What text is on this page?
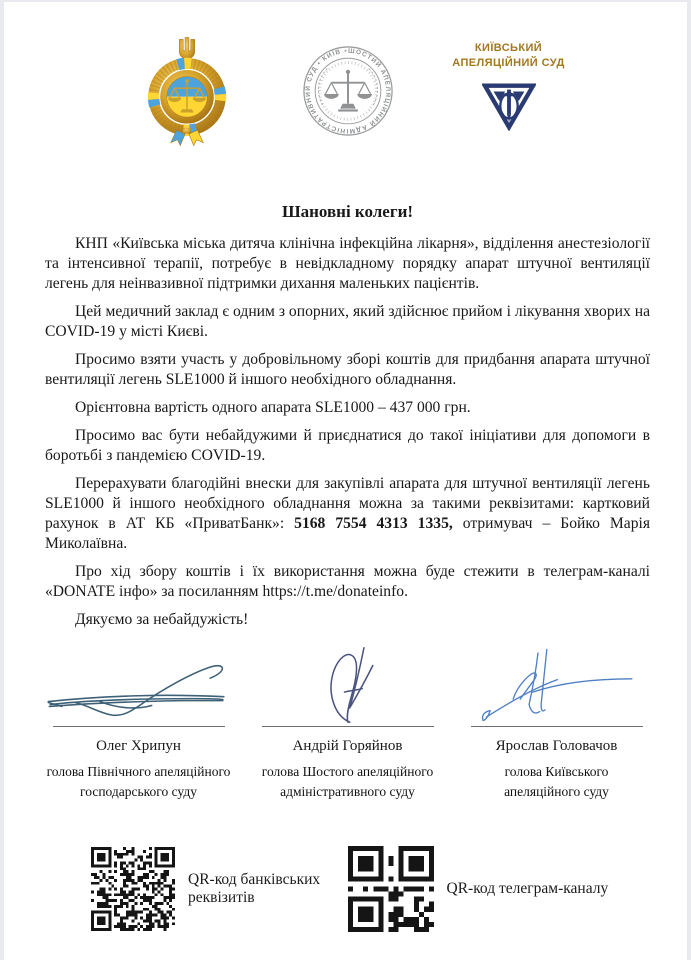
ШОСТИЙ АПЕЛЯЦІЙНИЙ АДМІНІСТРАТИВНИЙ СУД • КИЇВ •	КИЇВСЬКИЙ
АПЕЛЯЦІЙНИЙ СУД
Шановні колеги!

КНП «Київська міська дитяча клінічна інфекційна лікарня», відділення анестезіології та інтенсивної терапії, потребує в невідкладному порядку апарат штучної вентиляції легень для неінвазивної підтримки дихання маленьких пацієнтів.

Цей медичний заклад є одним з опорних, який здійснює прийом і лікування хворих на COVID-19 у місті Києві.

Просимо взяти участь у добровільному зборі коштів для придбання апарата штучної вентиляції легень SLE1000 й іншого необхідного обладнання.

Орієнтовна вартість одного апарата SLE1000 – 437 000 грн.

Просимо вас бути небайдужими й приєднатися до такої ініціативи для допомоги в боротьбі з пандемією COVID-19.

Перерахувати благодійні внески для закупівлі апарата для штучної вентиляції легень SLE1000 й іншого необхідного обладнання можна за такими реквізитами: картковий рахунок в АТ КБ «ПриватБанк»: 5168 7554 4313 1335, отримувач – Бойко Марія Миколаївна.

Про хід збору коштів і їх використання можна буде стежити в телеграм-каналі «DONATE інфо» за посиланням https://t.me/donateinfo.

Дякуємо за небайдужість!

Олег Хрипун
голова Північного апеляційного
господарського суду
Андрій Горяйнов
голова Шостого апеляційного
адміністративного суду
Ярослав Головачов
голова Київського
апеляційного суду
QR-код банківських реквізитів
QR-код телеграм-каналу
